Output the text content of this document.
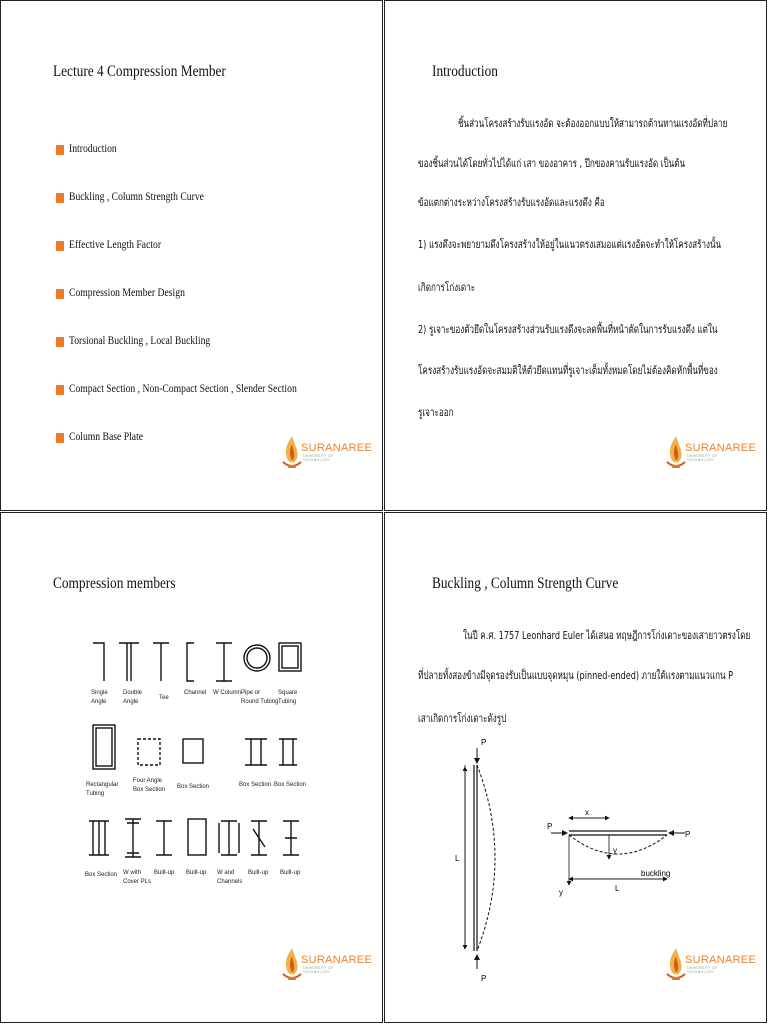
Lecture 4 Compression Member
Introduction
Buckling , Column Strength Curve
Effective Length Factor
Compression Member Design
Torsional Buckling , Local Buckling
Compact Section , Non-Compact Section , Slender Section
Column Base Plate
SURANAREE
UNIVERSITY OF TECHNOLOGY
Introduction
ชิ้นส่วนโครงสร้างรับแรงอัด จะต้องออกแบบให้สามารถต้านทานแรงอัดที่ปลาย
ของชิ้นส่วนได้โดยทั่วไปได้แก่ เสา ของอาคาร , ปีกของคานรับแรงอัด เป็นต้น
ข้อแตกต่างระหว่างโครงสร้างรับแรงอัดและแรงดึง คือ
1) แรงดึงจะพยายามดึงโครงสร้างให้อยู่ในแนวตรงเสมอแต่แรงอัดจะทำให้โครงสร้างนั้น
เกิดการโก่งเดาะ
2) รูเจาะของตัวยึดในโครงสร้างส่วนรับแรงดึงจะลดพื้นที่หน้าตัดในการรับแรงดึง แต่ใน
โครงสร้างรับแรงอัดจะสมมติให้ตัวยึดแทนที่รูเจาะเต็มทั้งหมดโดยไม่ต้องคิดหักพื้นที่ของ
รูเจาะออก
SURANAREE
UNIVERSITY OF TECHNOLOGY
Compression members
Single
Angle
Double
Angle
Tee
Channel W Column Pipe or
Round Tubing
Square
Tubing
Rectangular
Tubing
Four Angle
Box Section Box Section	Box Section Box Section
Box Section W with
Cover PLs
Built-up Built-up W and
Channels
Built-up Built-up
SURANAREE
UNIVERSITY OF TECHNOLOGY
Buckling , Column Strength Curve
ในปี ค.ศ. 1757 Leonhard Euler ได้เสนอ ทฤษฎีการโก่งเดาะของเสายาวตรงโดย
ที่ปลายทั้งสองข้างมีจุดรองรับเป็นแบบจุดหมุน (pinned-ended) ภายใต้แรงตามแนวแกน P
เสาเกิดการโก่งเดาะดังรูป
P
P
L
P
P
x
y
buckling
y	L
SURANAREE
UNIVERSITY OF TECHNOLOGY
